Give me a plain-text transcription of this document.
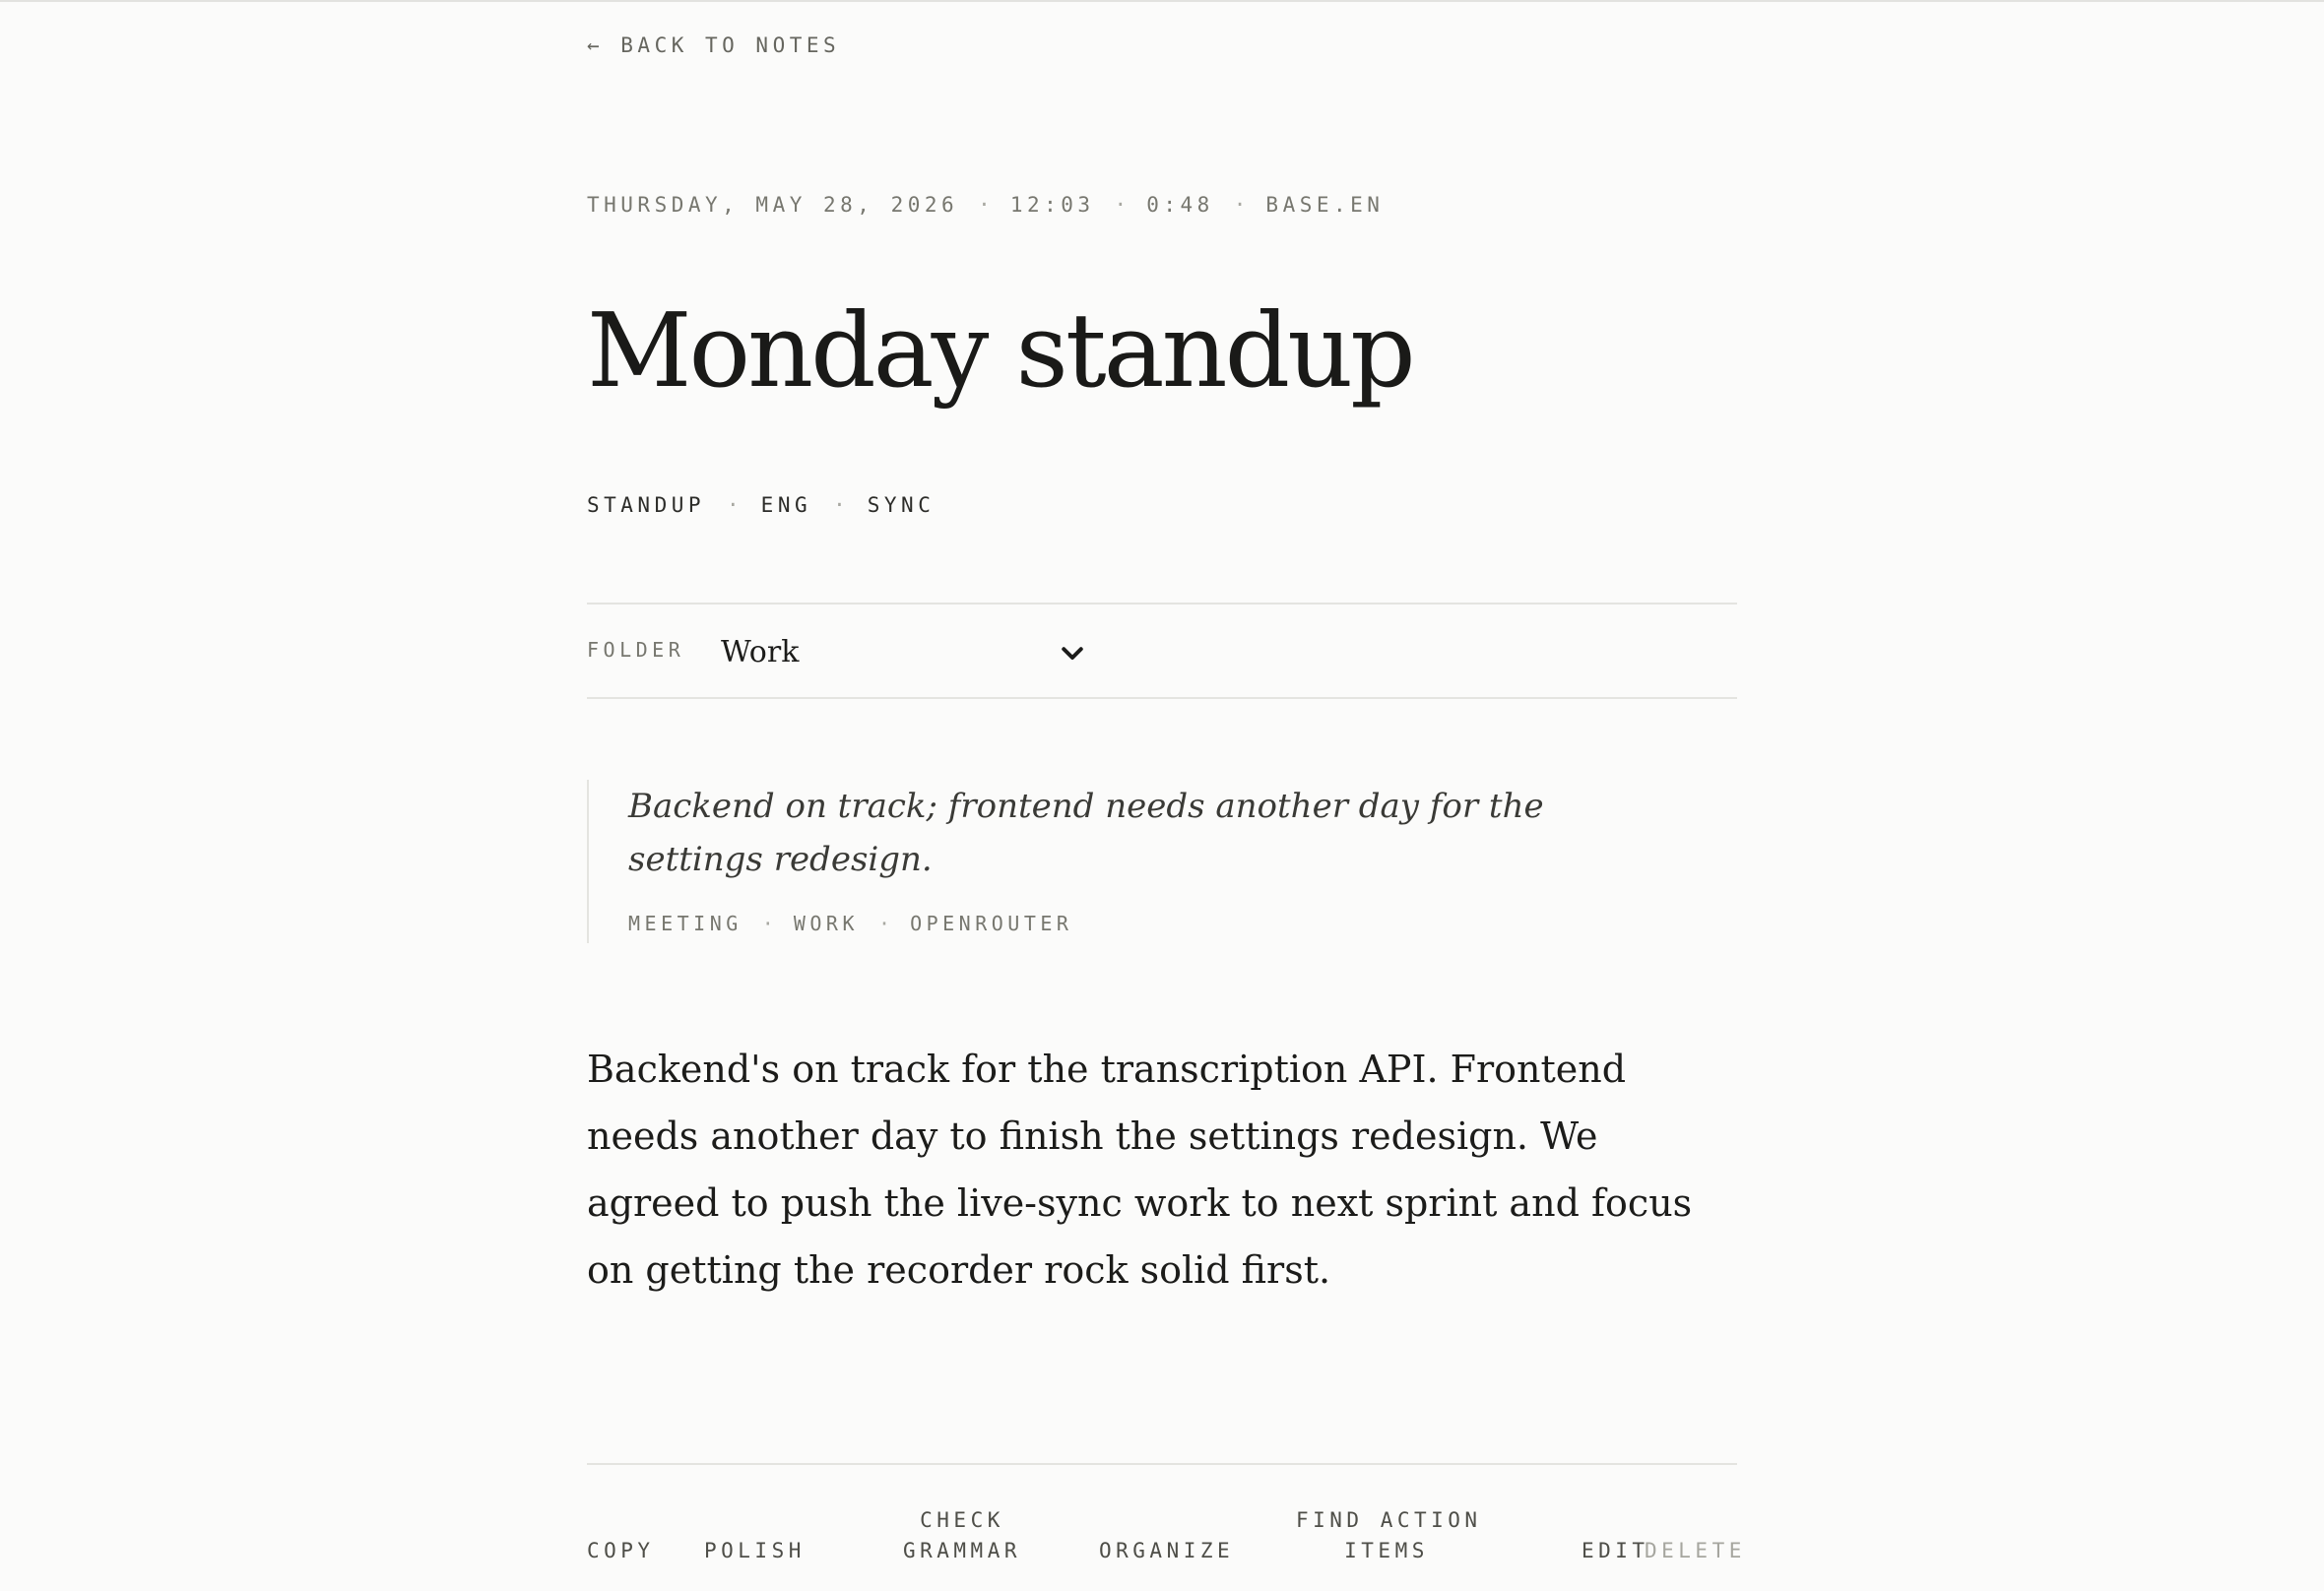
← BACK TO NOTES
THURSDAY, MAY 28, 2026 · 12:03 · 0:48 · BASE.EN
Monday standup
STANDUP · ENG · SYNC
FOLDER Work

Backend on track; frontend needs another day for the settings redesign.

MEETING · WORK · OPENROUTER

Backend's on track for the transcription API. Frontend needs another day to finish the settings redesign. We agreed to push the live-sync work to next sprint and focus on getting the recorder rock solid first.

COPY POLISH
CHECK
GRAMMAR	ORGANIZE
FIND ACTION
ITEMS	EDIT
DELETE
